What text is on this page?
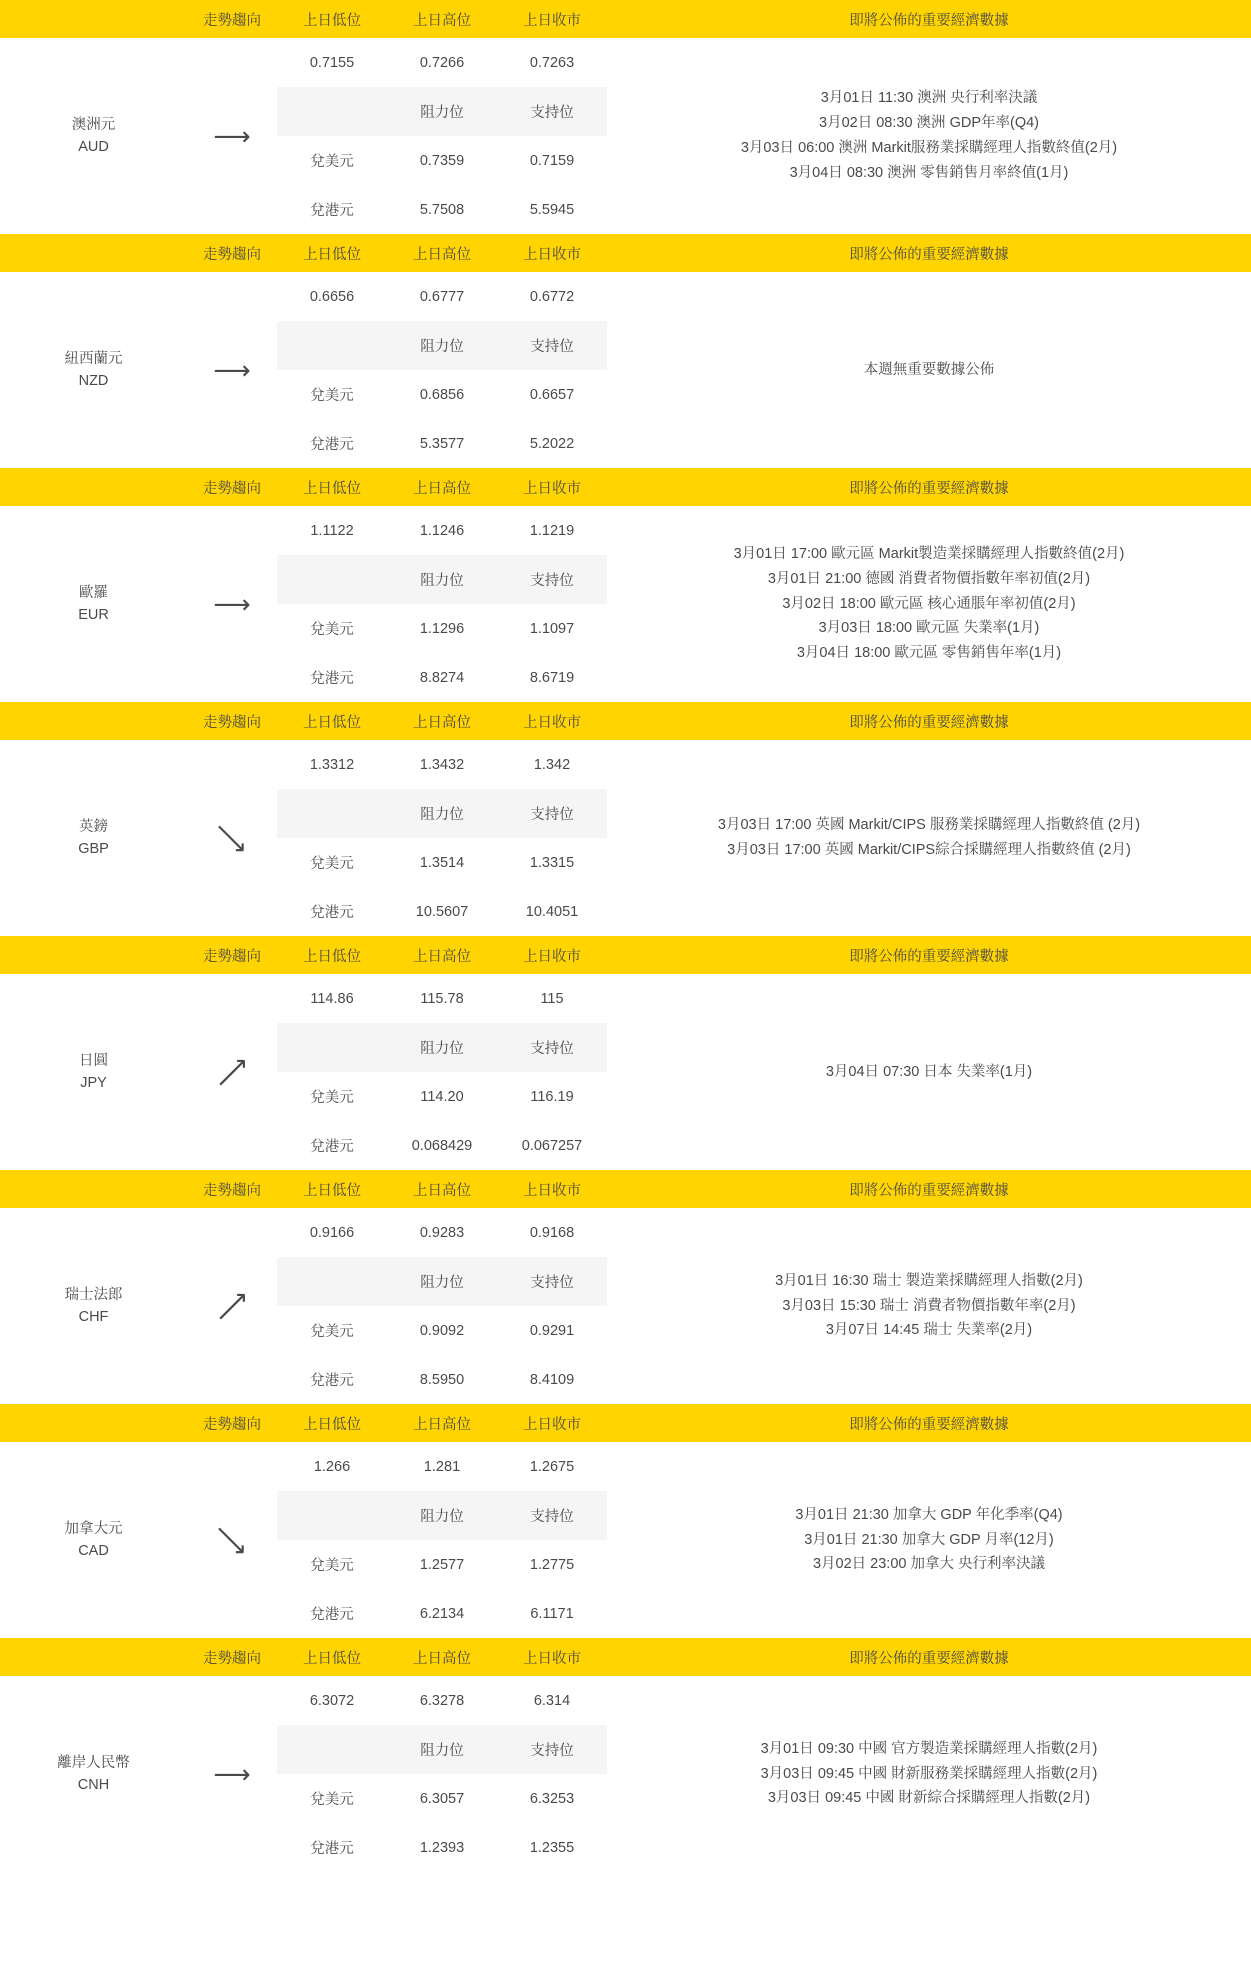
	走勢趨向	上日低位	上日高位	上日收市	即將公佈的重要經濟數據
澳洲元
AUD	⟶	0.7155	0.7266	0.7263	
3月01日 11:30 澳洲 央行利率決議
3月02日 08:30 澳洲 GDP年率(Q4)
3月03日 06:00 澳洲 Markit服務業採購經理人指數終值(2月)
3月04日 08:30 澳洲 零售銷售月率終值(1月)

			阻力位	支持位	
		兌美元	0.7359	0.7159	
		兌港元	5.7508	5.5945	
	走勢趨向	上日低位	上日高位	上日收市	即將公佈的重要經濟數據
紐西蘭元
NZD	⟶	0.6656	0.6777	0.6772	本週無重要數據公佈

			阻力位	支持位	
		兌美元	0.6856	0.6657	
		兌港元	5.3577	5.2022	
	走勢趨向	上日低位	上日高位	上日收市	即將公佈的重要經濟數據
歐羅
EUR	⟶	1.1122	1.1246	1.1219	
3月01日 17:00 歐元區 Markit製造業採購經理人指數終值(2月)
3月01日 21:00 德國 消費者物價指數年率初值(2月)
3月02日 18:00 歐元區 核心通脹年率初值(2月)
3月03日 18:00 歐元區 失業率(1月)
3月04日 18:00 歐元區 零售銷售年率(1月)

			阻力位	支持位	
		兌美元	1.1296	1.1097	
		兌港元	8.8274	8.6719	
	走勢趨向	上日低位	上日高位	上日收市	即將公佈的重要經濟數據
英鎊
GBP	⟶	1.3312	1.3432	1.342	
3月03日 17:00 英國 Markit/CIPS 服務業採購經理人指數終值 (2月)
3月03日 17:00 英國 Markit/CIPS綜合採購經理人指數終值 (2月)

			阻力位	支持位	
		兌美元	1.3514	1.3315	
		兌港元	10.5607	10.4051	
	走勢趨向	上日低位	上日高位	上日收市	即將公佈的重要經濟數據
日圓
JPY	⟶	114.86	115.78	115	3月04日 07:30 日本 失業率(1月)

			阻力位	支持位	
		兌美元	114.20	116.19	
		兌港元	0.068429	0.067257	
	走勢趨向	上日低位	上日高位	上日收市	即將公佈的重要經濟數據
瑞士法郎
CHF	⟶	0.9166	0.9283	0.9168	
3月01日 16:30 瑞士 製造業採購經理人指數(2月)
3月03日 15:30 瑞士 消費者物價指數年率(2月)
3月07日 14:45 瑞士 失業率(2月)

			阻力位	支持位	
		兌美元	0.9092	0.9291	
		兌港元	8.5950	8.4109	
	走勢趨向	上日低位	上日高位	上日收市	即將公佈的重要經濟數據
加拿大元
CAD	⟶	1.266	1.281	1.2675	
3月01日 21:30 加拿大 GDP 年化季率(Q4)
3月01日 21:30 加拿大 GDP 月率(12月)
3月02日 23:00 加拿大 央行利率決議

			阻力位	支持位	
		兌美元	1.2577	1.2775	
		兌港元	6.2134	6.1171	
	走勢趨向	上日低位	上日高位	上日收市	即將公佈的重要經濟數據
離岸人民幣
CNH	⟶	6.3072	6.3278	6.314	
3月01日 09:30 中國 官方製造業採購經理人指數(2月)
3月03日 09:45 中國 財新服務業採購經理人指數(2月)
3月03日 09:45 中國 財新綜合採購經理人指數(2月)

			阻力位	支持位	
		兌美元	6.3057	6.3253	
		兌港元	1.2393	1.2355	
